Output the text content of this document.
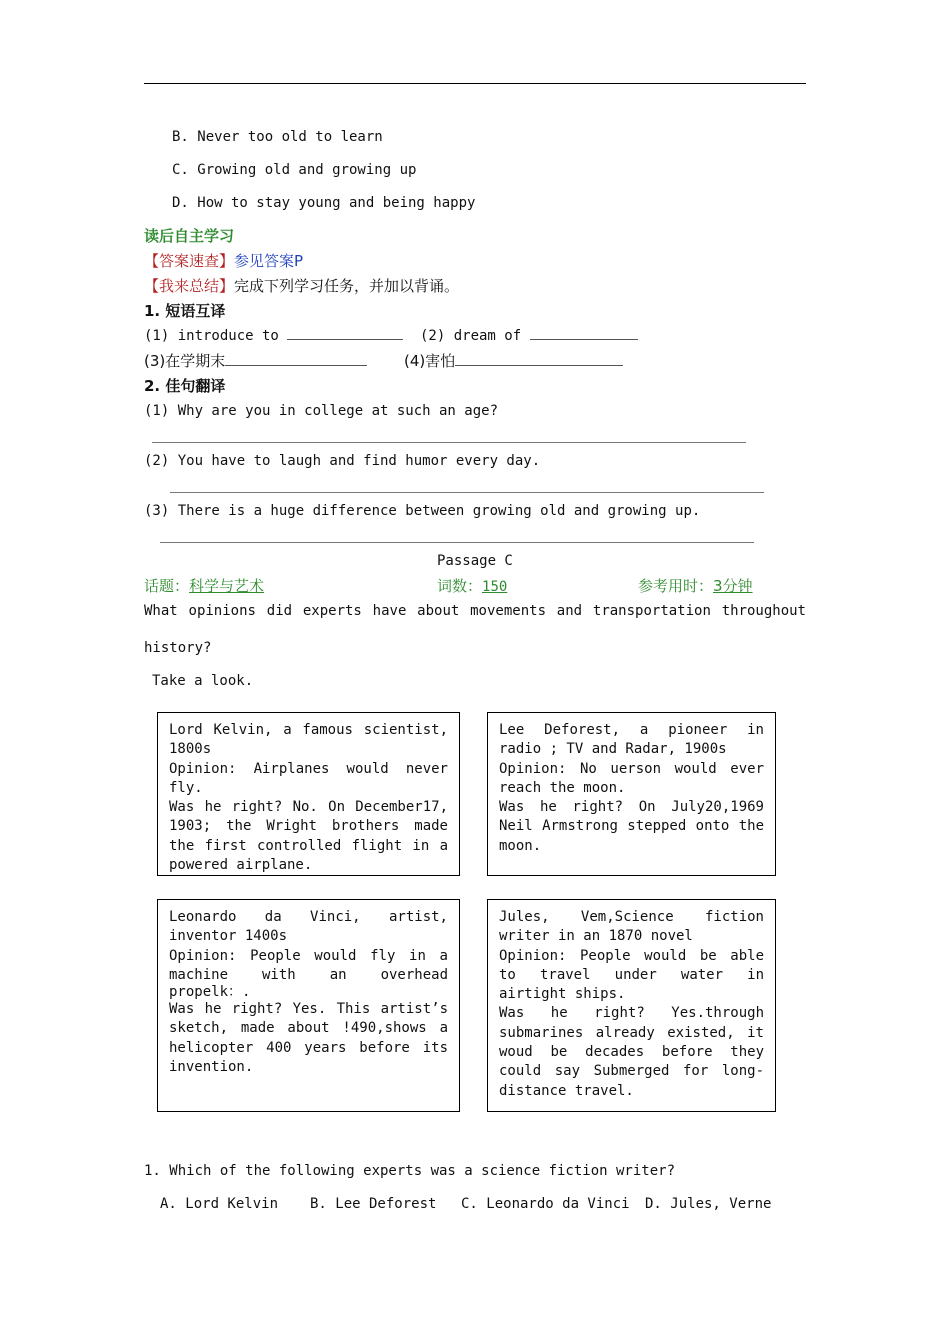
B. Never too old to learn
C. Growing old and growing up
D. How to stay young and being happy
读后自主学习
【答案速查】参见答案P
【我来总结】完成下列学习任务，并加以背诵。
1. 短语互译
(1) introduce to	(2) dream of
(3)在学期末	(4)害怕
2. 佳句翻译
(1) Why are you in college at such an age?
(2) You have to laugh and find humor every day.
(3) There is a huge difference between growing old and growing up.
Passage C
话题：科学与艺术	词数：150	参考用时：3分钟
What opinions did experts have about movements and transportation throughout
history?
Take a look.
Lord Kelvin, a famous scientist,
1800s
Opinion: Airplanes would never
fly.
Was he right? No. On December17,
1903; the Wright brothers made
the first controlled flight in a
powered airplane.
Lee Deforest, a pioneer in
radio ; TV and Radar, 1900s
Opinion: No uerson would ever
reach the moon.
Was he right? On July20,1969
Neil Armstrong stepped onto the
moon.
Leonardo da Vinci, artist,
inventor 1400s
Opinion: People would fly in a
machine with an overhead
propelk：.
Was he right? Yes. This artist’s
sketch, made about !490,shows a
helicopter 400 years before its
invention.
Jules, Vem,Science fiction
writer in an 1870 novel
Opinion: People would be able
to travel under water in
airtight ships.
Was he right? Yes.through
submarines already existed, it
woud be decades before they
could say Submerged for long-
distance travel.
1. Which of the following experts was a science fiction writer?
A. Lord Kelvin B. Lee Deforest C. Leonardo da Vinci D. Jules, Verne
